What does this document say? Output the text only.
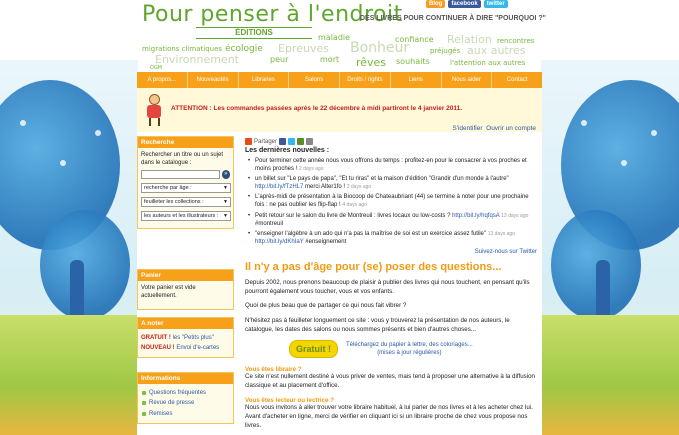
Pour penser à l'endroit
ÉDITIONS
Blog	facebook	twitter
DES LIVRES POUR CONTINUER À DIRE "POURQUOI ?"
maladie	confiance Relation rencontres
migrations climatiques écologie Epreuves Bonheur	préjugés aux autres
Environnement	peur	mort rêves souhaits	l'attention aux autres
OGM
A propos...	Nouveautés	Libraires	Salons	Droits / rights	Liens	Nous aider	Contact
ATTENTION : Les commandes passées après le 22 décembre à midi partiront le 4 janvier 2011.
S'identifier Ouvrir un compte
Recherche
Rechercher un titre ou un sujet dans le catalogue :
»
recherche par âge :	▼
feuilleter les collections :	▼
les auteurs et les illustrateurs : ▼
Panier
Votre panier est vide actuellement.
A noter
GRATUIT ! les "Petits plus"
NOUVEAU ! Envoi d'e-cartes
Informations
Questions fréquentes
Revue de presse
Remises
Partager
Les dernières nouvelles :
• Pour terminer cette année nous vous offrons du temps : profitez-en pour le consacrer à vos proches et moins proches ! 2 days ago
• un billet sur "Le pays de papa", "Et tu riras" et la maison d'édition "Grandir d'un monde à l'autre" http://bit.ly/fTzHL7 merci Alter1fo ! 3 days ago
• L'après-midi de présentation à la Biocoop de Chateaubriant (44) se termine à noter pour une prochaine fois : ne pas oublier les flip-flap ! 4 days ago
• Petit retour sur le salon du livre de Montreuil : livres locaux ou low-costs ? http://bit.ly/hqfqsA 13 days ago #montreuil
• "enseigner l'algèbre à un ado qui n'a pas la maîtrise de soi est un exercice assez futile" 13 days ago http://bit.ly/dKhIaY #enseignement
Suivez-nous sur Twitter
Il n'y a pas d'âge pour (se) poser des questions...
Depuis 2002, nous prenons beaucoup de plaisir à publier des livres qui nous touchent, en pensant qu'ils pourront également vous toucher, vous et vos enfants.
Quoi de plus beau que de partager ce qui nous fait vibrer ?
N'hésitez pas à feuilleter longuement ce site : vous y trouverez la présentation de nos auteurs, le catalogue, les dates des salons ou nous sommes présents et bien d'autres choses...
Gratuit !	Téléchargez du papier à lettre, des coloriages...
(mises à jour régulières)
Vous êtes libraire ?
Ce site n'est nullement destiné à vous priver de ventes, mais tend à proposer une alternative à la diffusion classique et au placement d'office.
Vous êtes lecteur ou lectrice ?
Nous vous invitons à aller trouver votre libraire habituel, à lui parler de nos livres et à les acheter chez lui.
Avant d'acheter en ligne, merci de vérifier en cliquant ici si un libraire proche de chez vous propose nos livres.
